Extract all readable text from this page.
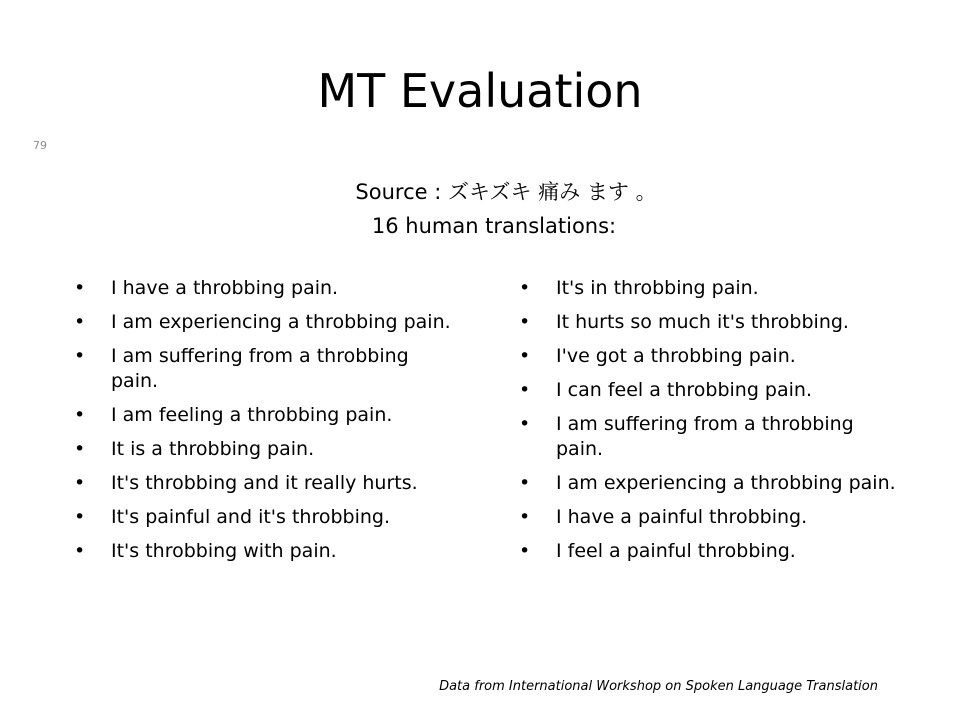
MT Evaluation
79
Source : ズキズキ 痛み ます 。
16 human translations:
• I have a throbbing pain.
• I am experiencing a throbbing pain.
• I am suffering from a throbbing pain.
• I am feeling a throbbing pain.
• It is a throbbing pain.
• It's throbbing and it really hurts.
• It's painful and it's throbbing.
• It's throbbing with pain.
• It's in throbbing pain.
• It hurts so much it's throbbing.
• I've got a throbbing pain.
• I can feel a throbbing pain.
• I am suffering from a throbbing pain.
• I am experiencing a throbbing pain.
• I have a painful throbbing.
• I feel a painful throbbing.
Data from International Workshop on Spoken Language Translation
